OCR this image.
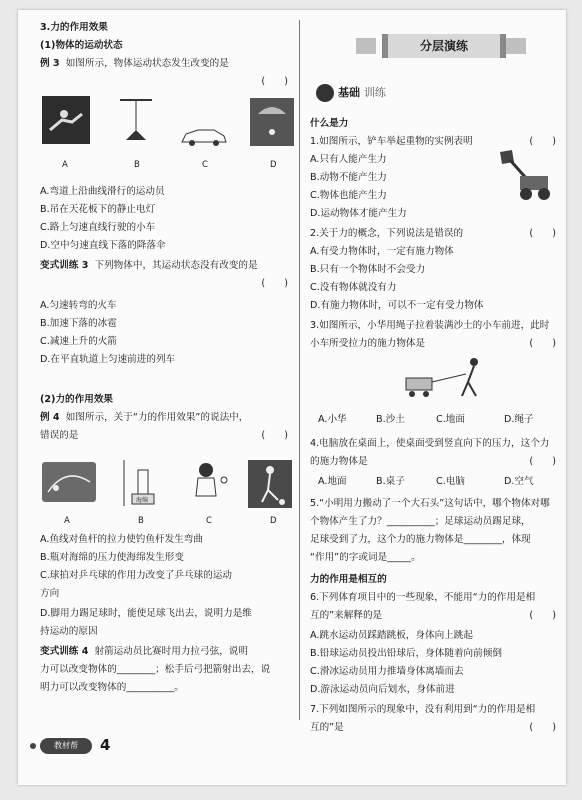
3.力的作用效果
(1)物体的运动状态
例 3 如图所示，物体运动状态发生改变的是
(　　)
A	B	C	D
A.弯道上沿曲线滑行的运动员
B.吊在天花板下的静止电灯
C.路上匀速直线行驶的小车
D.空中匀速直线下落的降落伞
变式训练 3 下列物体中，其运动状态没有改变的是
(　　)
A.匀速转弯的火车
B.加速下落的冰雹
C.减速上升的火箭
D.在平直轨道上匀速前进的列车
(2)力的作用效果
例 4 如图所示，关于“力的作用效果”的说法中，
错误的是	(　　)
海绵
A	B	C	D
A.鱼线对鱼杆的拉力使钓鱼杆发生弯曲
B.瓶对海绵的压力使海绵发生形变
C.球拍对乒乓球的作用力改变了乒乓球的运动
方向
D.脚用力踢足球时，能使足球飞出去，说明力是维
持运动的原因
变式训练 4 射箭运动员比赛时用力拉弓弦，说明
力可以改变物体的________；松手后弓把箭射出去，说
明力可以改变物体的__________。
分层演练
基础 训练
什么是力
1.如图所示，铲车举起重物的实例表明	(　　)
A.只有人能产生力
B.动物不能产生力
C.物体也能产生力
D.运动物体才能产生力
2.关于力的概念，下列说法是错误的	(　　)
A.有受力物体时，一定有施力物体
B.只有一个物体时不会受力
C.没有物体就没有力
D.有施力物体时，可以不一定有受力物体
3.如图所示，小华用绳子拉着装满沙土的小车前进，此时
小车所受拉力的施力物体是	(　　)
A.小华	B.沙土	C.地面	D.绳子
4.电脑放在桌面上，使桌面受到竖直向下的压力，这个力
的施力物体是	(　　)
A.地面	B.桌子	C.电脑	D.空气
5.“小明用力搬动了一个大石头”这句话中，哪个物体对哪
个物体产生了力？__________；足球运动员踢足球，
足球受到了力，这个力的施力物体是________，体现
“作用”的字或词是_____。
力的作用是相互的
6.下列体育项目中的一些现象，不能用“力的作用是相
互的”来解释的是	(　　)
A.跳水运动员踩踏跳板，身体向上跳起
B.铅球运动员投出铅球后，身体随着向前倾倒
C.滑冰运动员用力推墙身体离墙而去
D.游泳运动员向后划水，身体前进
7.下列如图所示的现象中，没有利用到“力的作用是相
互的”是	(　　)
教材帮	4
